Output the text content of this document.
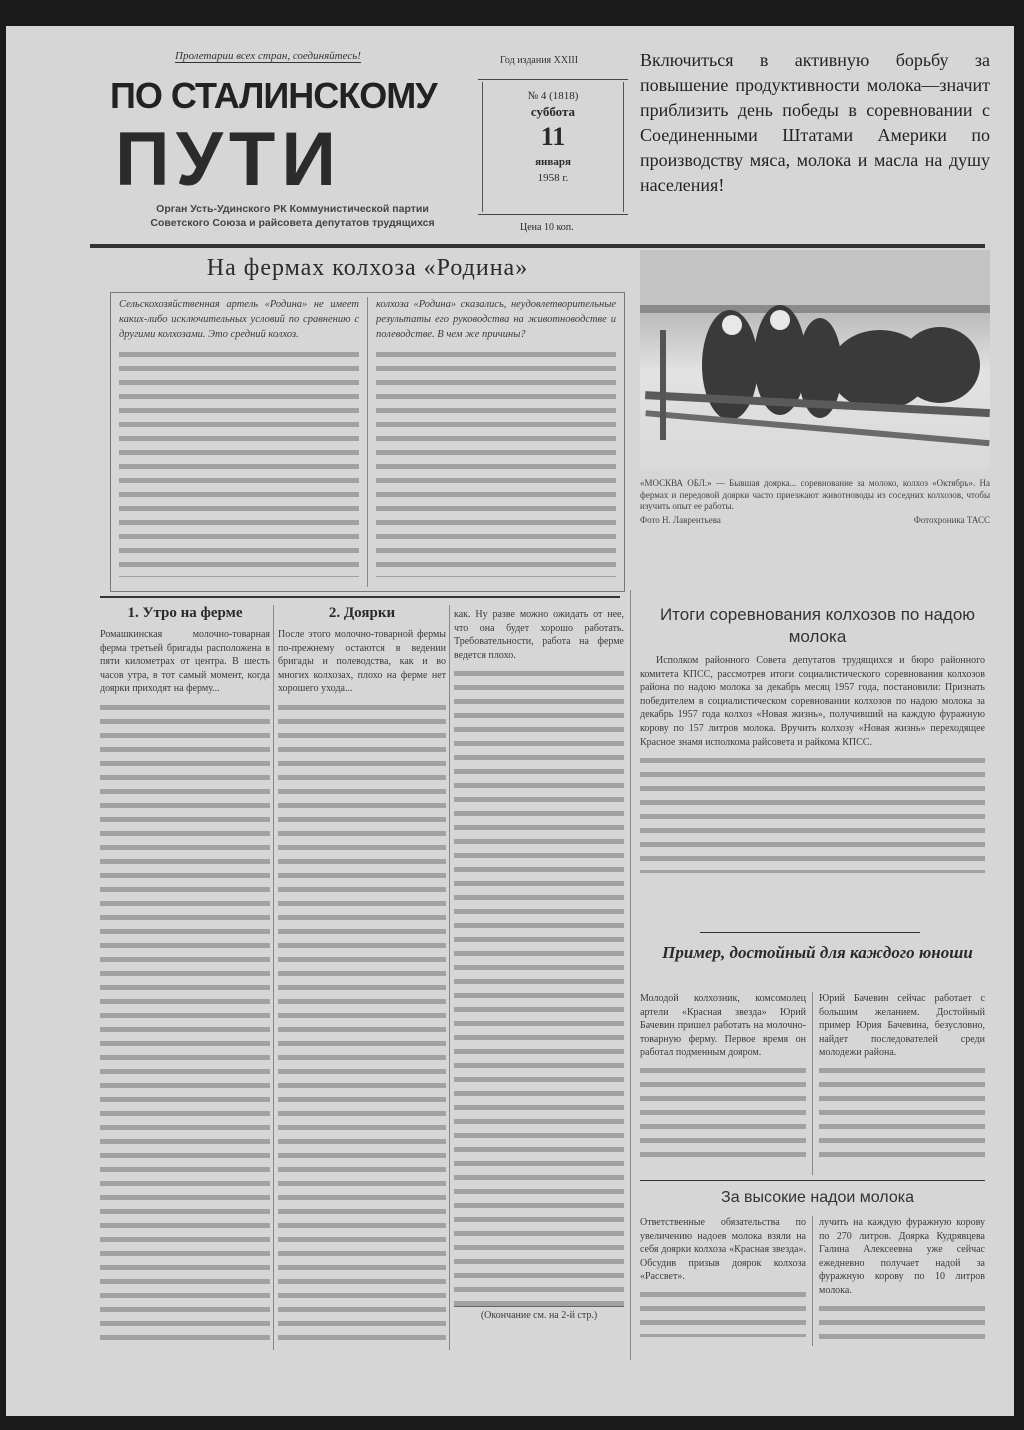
Пролетарии всех стран, соединяйтесь!
ПО СТАЛИНСКОМУ
ПУТИ
Орган Усть-Удинского РК Коммунистической партии Советского Союза и райсовета депутатов трудящихся
Год издания XXIII
№ 4 (1818)
суббота
11
января
1958 г.
Цена 10 коп.
Включиться в активную борьбу за повышение продуктивности молока—значит приблизить день победы в соревновании с Соединенными Штатами Америки по производству мяса, молока и масла на душу населения!
На фермах колхоза «Родина»

Сельскохозяйственная артель «Родина» не имеет каких-либо исключительных условий по сравнению с другими колхозами. Это средний колхоз.

колхоза «Родина» сказались, неудовлетворительные результаты его руководства на животноводстве и полеводстве. В чем же причины?

«МОСКВА ОБЛ.» — Бывшая доярка... соревнование за молоко, колхоз «Октябрь». На фермах и передовой доярки часто приезжают животноводы из соседних колхозов, чтобы изучить опыт ее работы.

Фото Н. Лаврентьева	Фотохроника ТАСС
1. Утро на ферме

Ромашкинская молочно-товарная ферма третьей бригады расположена в пяти километрах от центра. В шесть часов утра, в тот самый момент, когда доярки приходят на ферму...

2. Доярки

После этого молочно-товарной фермы по-прежнему остаются в ведении бригады и полеводства, как и во многих колхозах, плохо на ферме нет хорошего ухода...

как. Ну разве можно ожидать от нее, что она будет хорошо работать. Требовательности, работа на ферме ведется плохо.

(Окончание см. на 2-й стр.)
Итоги соревнования колхозов по надою молока

Исполком районного Совета депутатов трудящихся и бюро районного комитета КПСС, рассмотрев итоги социалистического соревнования колхозов района по надою молока за декабрь месяц 1957 года, постановили: Признать победителем в социалистическом соревновании колхозов по надою молока за декабрь 1957 года колхоз «Новая жизнь», получивший на каждую фуражную корову по 157 литров молока. Вручить колхозу «Новая жизнь» переходящее Красное знамя исполкома райсовета и райкома КПСС.

Пример, достойный для каждого юноши

Молодой колхозник, комсомолец артели «Красная звезда» Юрий Бачевин пришел работать на молочно-товарную ферму. Первое время он работал подменным дояром.

Юрий Бачевин сейчас работает с большим желанием. Достойный пример Юрия Бачевина, безусловно, найдет последователей среди молодежи района.

За высокие надои молока

Ответственные обязательства по увеличению надоев молока взяли на себя доярки колхоза «Красная звезда». Обсудив призыв доярок колхоза «Рассвет».

лучить на каждую фуражную корову по 270 литров. Доярка Кудрявцева Галина Алексеевна уже сейчас ежедневно получает надой за фуражную корову по 10 литров молока.
